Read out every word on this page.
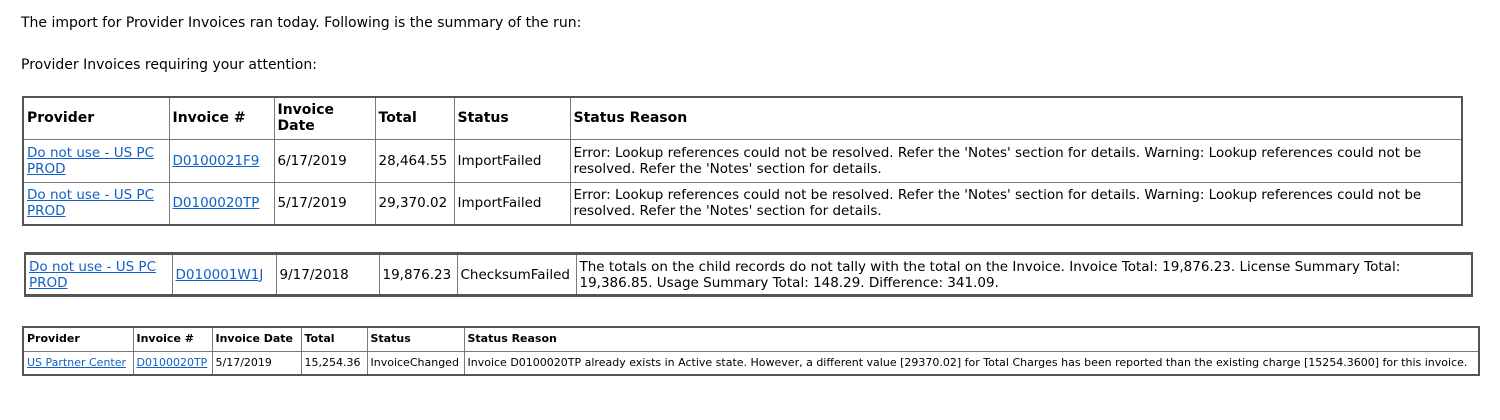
The import for Provider Invoices ran today. Following is the summary of the run:
Provider Invoices requiring your attention:
Provider	Invoice #	Invoice Date	Total	Status	Status Reason
Do not use - US PC PROD	D0100021F9	6/17/2019	28,464.55	ImportFailed	Error: Lookup references could not be resolved. Refer the 'Notes' section for details. Warning: Lookup references could not be resolved. Refer the 'Notes' section for details.
Do not use - US PC PROD	D0100020TP	5/17/2019	29,370.02	ImportFailed	Error: Lookup references could not be resolved. Refer the 'Notes' section for details. Warning: Lookup references could not be resolved. Refer the 'Notes' section for details.
Do not use - US PC PROD	D010001W1J	9/17/2018	19,876.23	ChecksumFailed	The totals on the child records do not tally with the total on the Invoice. Invoice Total: 19,876.23. License Summary Total: 19,386.85. Usage Summary Total: 148.29. Difference: 341.09.
Provider	Invoice #	Invoice Date	Total	Status	Status Reason
US Partner Center	D0100020TP	5/17/2019	15,254.36	InvoiceChanged	Invoice D0100020TP already exists in Active state. However, a different value [29370.02] for Total Charges has been reported than the existing charge [15254.3600] for this invoice.
